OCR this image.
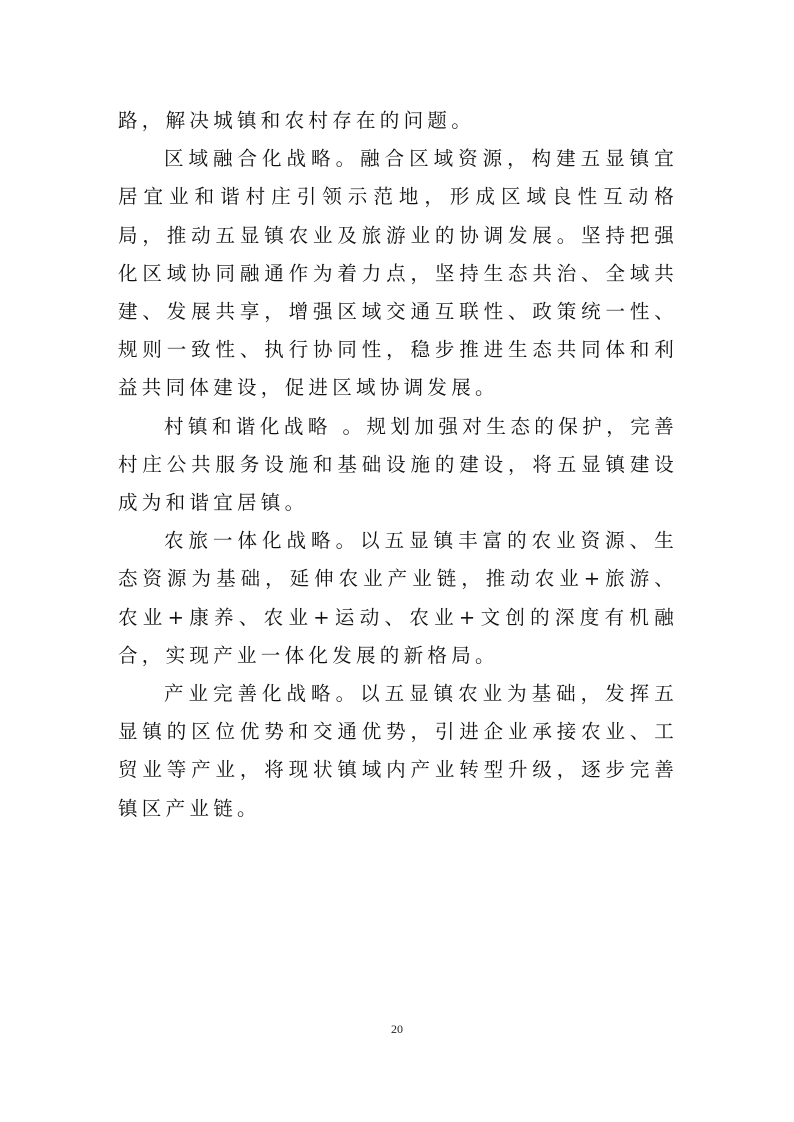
路，解决城镇和农村存在的问题。

区域融合化战略。融合区域资源，构建五显镇宜居宜业和谐村庄引领示范地，形成区域良性互动格局，推动五显镇农业及旅游业的协调发展。坚持把强化区域协同融通作为着力点，坚持生态共治、全域共建、发展共享，增强区域交通互联性、政策统一性、规则一致性、执行协同性，稳步推进生态共同体和利益共同体建设，促进区域协调发展。

村镇和谐化战略 。规划加强对生态的保护，完善村庄公共服务设施和基础设施的建设，将五显镇建设成为和谐宜居镇。

农旅一体化战略。以五显镇丰富的农业资源、生态资源为基础，延伸农业产业链，推动农业+旅游、农业+康养、农业+运动、农业+文创的深度有机融合，实现产业一体化发展的新格局。

产业完善化战略。以五显镇农业为基础，发挥五显镇的区位优势和交通优势，引进企业承接农业、工贸业等产业，将现状镇域内产业转型升级，逐步完善镇区产业链。

20
